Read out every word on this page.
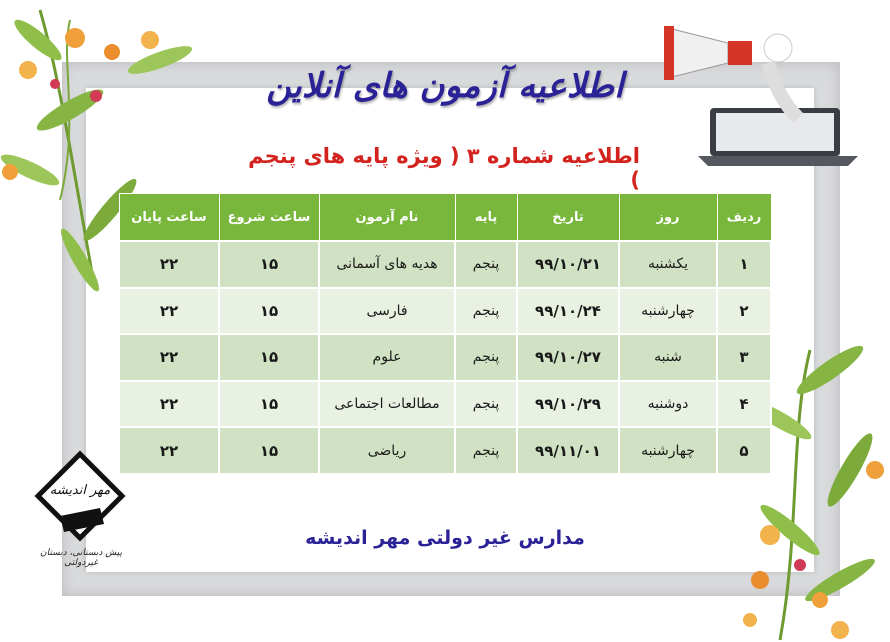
مهر اندیشه
پیش دبستانی، دبستان غیردولتی
اطلاعیه آزمون های آنلاین
اطلاعیه شماره ۳ ( ویژه پایه های پنجم )
ردیف	روز	تاریخ	پایه	نام آزمون	ساعت شروع	ساعت پایان
۱	یکشنبه	۹۹/۱۰/۲۱	پنجم	هدیه های آسمانی	۱۵	۲۲
۲	چهارشنبه	۹۹/۱۰/۲۴	پنجم	فارسی	۱۵	۲۲
۳	شنبه	۹۹/۱۰/۲۷	پنجم	علوم	۱۵	۲۲
۴	دوشنبه	۹۹/۱۰/۲۹	پنجم	مطالعات اجتماعی	۱۵	۲۲
۵	چهارشنبه	۹۹/۱۱/۰۱	پنجم	ریاضی	۱۵	۲۲
مدارس غیر دولتی مهر اندیشه
